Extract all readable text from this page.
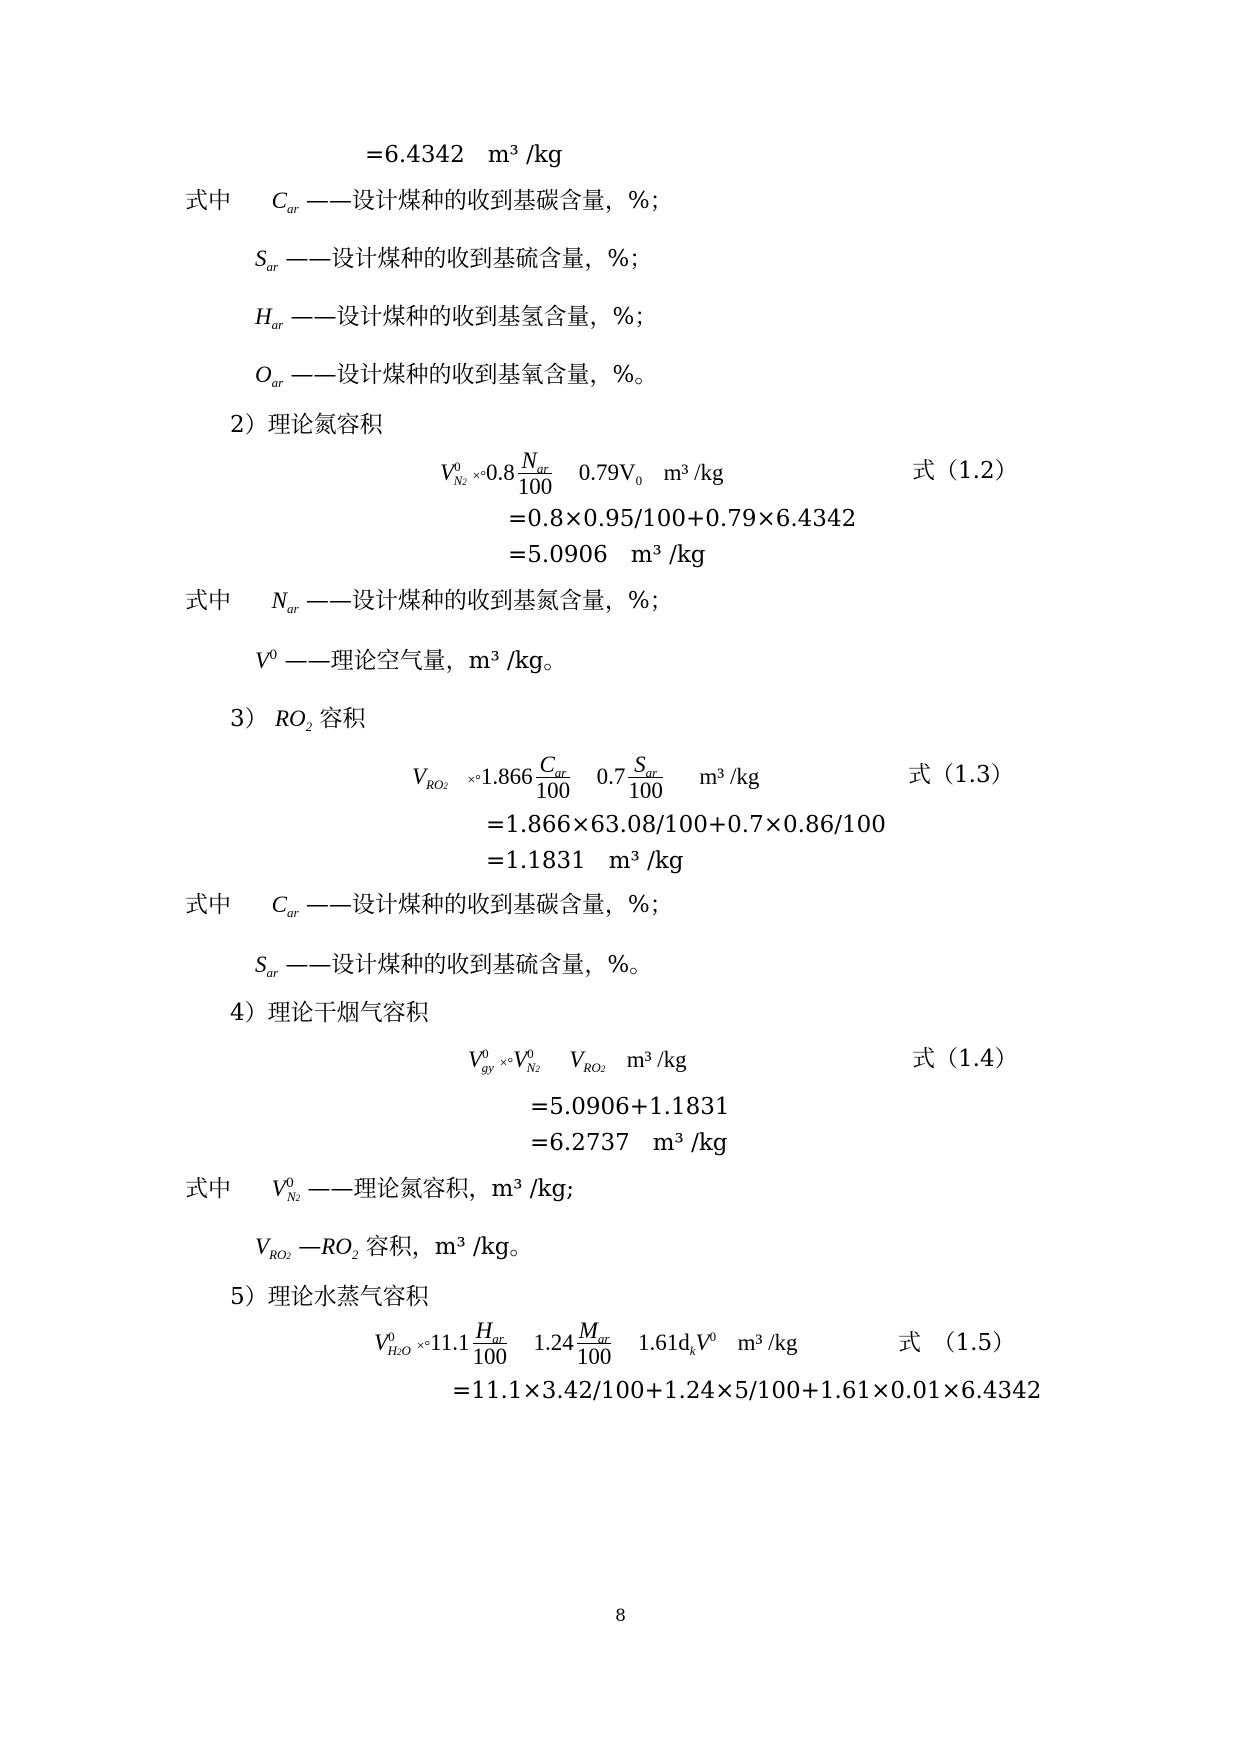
=6.4342　m³ /kg
式中 $C_{ar}$ ——设计煤种的收到基碳含量，%；
$S_{ar}$ ——设计煤种的收到基硫含量，%；
$H_{ar}$ ——设计煤种的收到基氢含量，%；
$O_{ar}$ ——设计煤种的收到基氧含量，%。
2）理论氮容积
$V^0_{N2} \times^\circ 0.8 \frac{N_{ar}}{100} 0.79V_0$ m³ /kg	式（1.2）
=0.8×0.95/100+0.79×6.4342
=5.0906　m³ /kg
式中 $N_{ar}$ ——设计煤种的收到基氮含量，%；
$V^0$ ——理论空气量，m³ /kg。
3） $RO_2$ 容积
$V_{RO2} \times^\circ 1.866 \frac{C_{ar}}{100} 0.7 \frac{S_{ar}}{100} m^3$ /kg	式（1.3）
=1.866×63.08/100+0.7×0.86/100
=1.1831　m³ /kg
式中 $C_{ar}$ ——设计煤种的收到基碳含量，%；
$S_{ar}$ ——设计煤种的收到基硫含量，%。
4）理论干烟气容积
$V^0_{gy} \times^\circ V^0_{N2}$ $V_{RO2}$ m³ /kg	式（1.4）
=5.0906+1.1831
=6.2737　m³ /kg
式中 $V^0_{N2}$ ——理论氮容积，m³ /kg;
$V_{RO2}$ $—RO_2$ 容积，m³ /kg。
5）理论水蒸气容积
$V^0_{H2O} \times^\circ 11.1 \frac{H_{ar}}{100} 1.24 \frac{M_{ar}}{100} 1.61d_kV^0$ m³ /kg	式　（1.5）
=11.1×3.42/100+1.24×5/100+1.61×0.01×6.4342
8
